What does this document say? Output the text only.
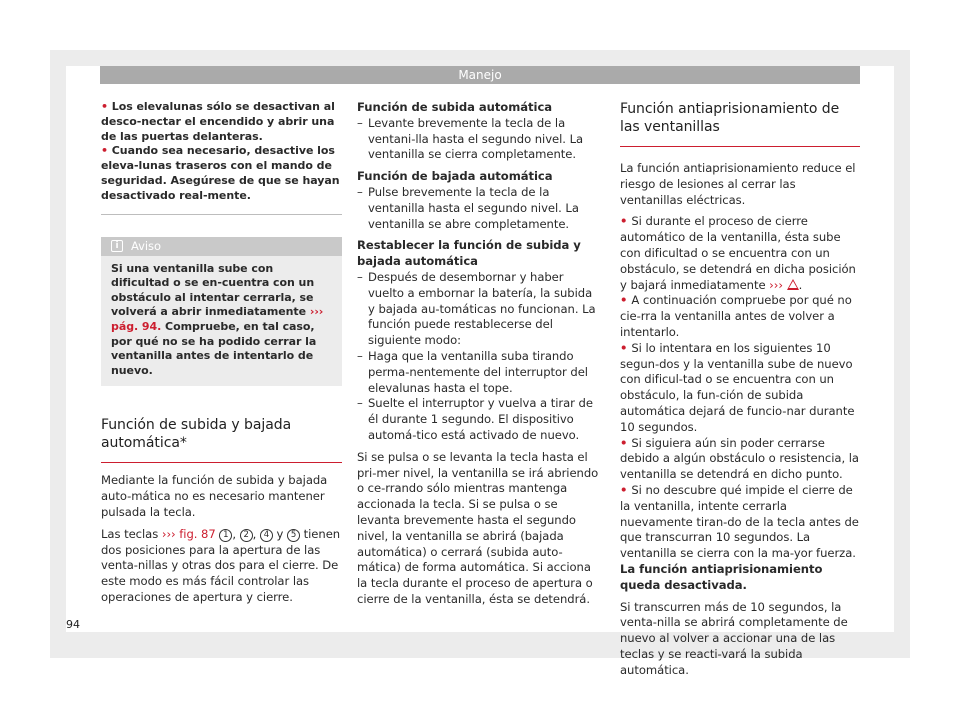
Manejo

• Los elevalunas sólo se desactivan al desco-nectar el encendido y abrir una de las puertas delanteras.

• Cuando sea necesario, desactive los eleva-lunas traseros con el mando de seguridad. Asegúrese de que se hayan desactivado real-mente.

i	Aviso
Si una ventanilla sube con dificultad o se en-cuentra con un obstáculo al intentar cerrarla, se volverá a abrir inmediatamente ››› pág. 94. Compruebe, en tal caso, por qué no se ha podido cerrar la ventanilla antes de intentarlo de nuevo.
Función de subida y bajada automática*

Mediante la función de subida y bajada auto-mática no es necesario mantener pulsada la tecla.

Las teclas ››› fig. 87 1 , 2 , 4 y 5 tienen dos posiciones para la apertura de las venta-nillas y otras dos para el cierre. De este modo es más fácil controlar las operaciones de apertura y cierre.

Función de subida automática

– Levante brevemente la tecla de la ventani-lla hasta el segundo nivel. La ventanilla se cierra completamente.

Función de bajada automática

– Pulse brevemente la tecla de la ventanilla hasta el segundo nivel. La ventanilla se abre completamente.

Restablecer la función de subida y bajada automática

– Después de desembornar y haber vuelto a embornar la batería, la subida y bajada au-tomáticas no funcionan. La función puede restablecerse del siguiente modo:

– Haga que la ventanilla suba tirando perma-nentemente del interruptor del elevalunas hasta el tope.

– Suelte el interruptor y vuelva a tirar de él durante 1 segundo. El dispositivo automá-tico está activado de nuevo.

Si se pulsa o se levanta la tecla hasta el pri-mer nivel, la ventanilla se irá abriendo o ce-rrando sólo mientras mantenga accionada la tecla. Si se pulsa o se levanta brevemente hasta el segundo nivel, la ventanilla se abrirá (bajada automática) o cerrará (subida auto-mática) de forma automática. Si acciona la tecla durante el proceso de apertura o cierre de la ventanilla, ésta se detendrá.

Función antiaprisionamiento de las ventanillas

La función antiaprisionamiento reduce el riesgo de lesiones al cerrar las ventanillas eléctricas.

• Si durante el proceso de cierre automático de la ventanilla, ésta sube con dificultad o se encuentra con un obstáculo, se detendrá en dicha posición y bajará inmediatamente ››› .

• A continuación compruebe por qué no cie-rra la ventanilla antes de volver a intentarlo.

• Si lo intentara en los siguientes 10 segun-dos y la ventanilla sube de nuevo con dificul-tad o se encuentra con un obstáculo, la fun-ción de subida automática dejará de funcio-nar durante 10 segundos.

• Si siguiera aún sin poder cerrarse debido a algún obstáculo o resistencia, la ventanilla se detendrá en dicho punto.

• Si no descubre qué impide el cierre de la ventanilla, intente cerrarla nuevamente tiran-do de la tecla antes de que transcurran 10 segundos. La ventanilla se cierra con la ma-yor fuerza. La función antiaprisionamiento queda desactivada.

Si transcurren más de 10 segundos, la venta-nilla se abrirá completamente de nuevo al volver a accionar una de las teclas y se reacti-vará la subida automática.

94
